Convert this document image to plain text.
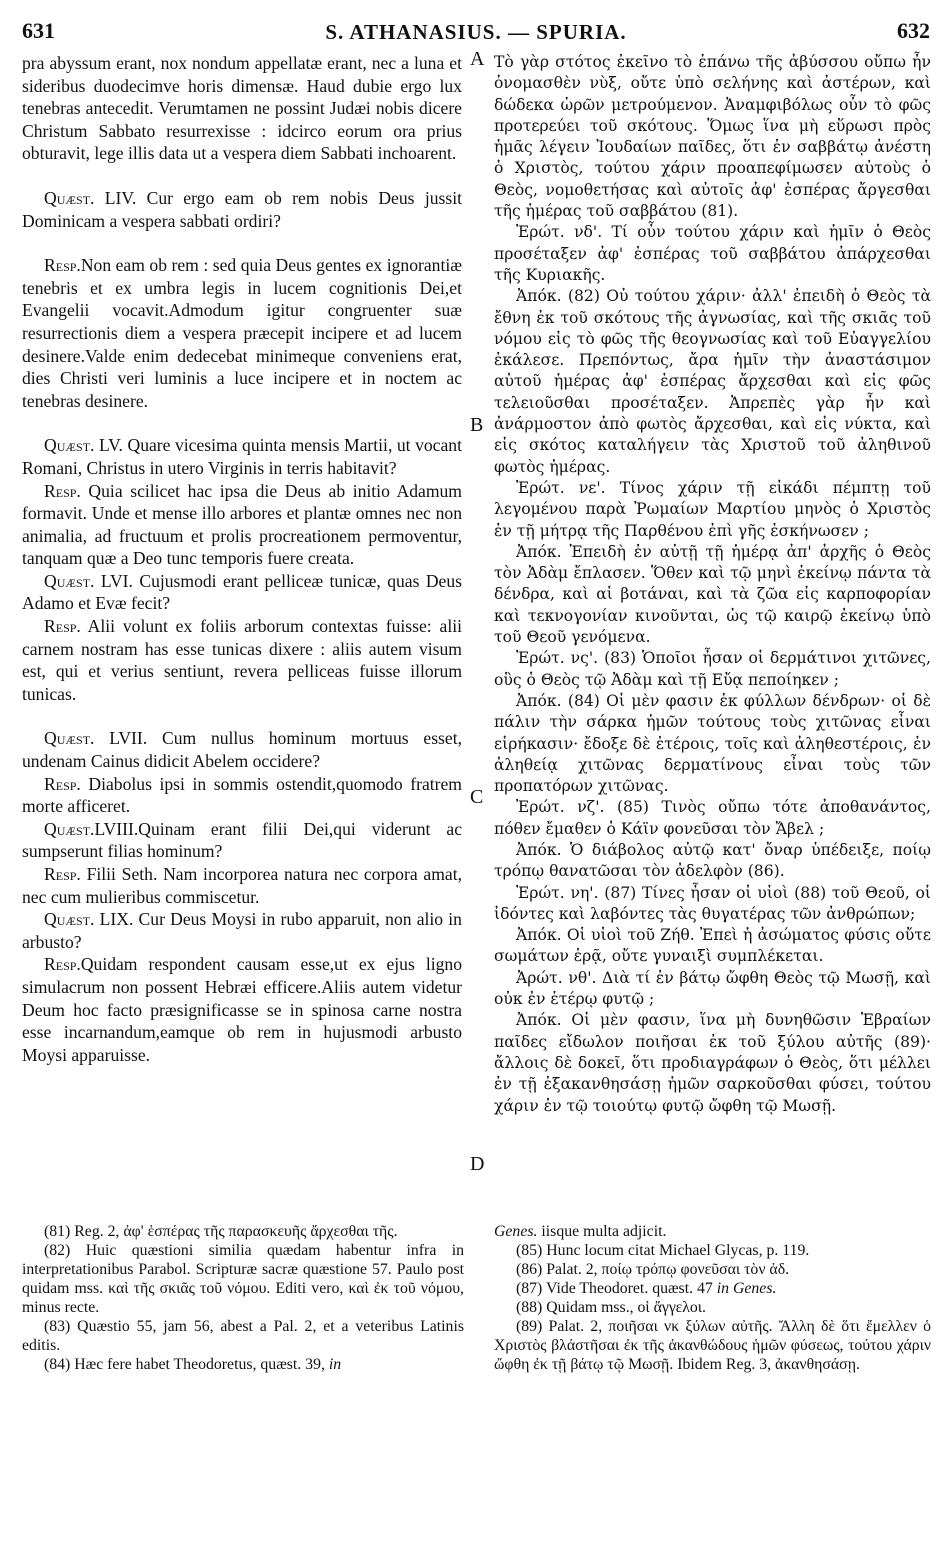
631	S. ATHANASIUS. — SPURIA.	632
A
B
C
D

pra abyssum erant, nox nondum appellatæ erant, nec a luna et sideribus duodecimve horis dimensæ. Haud dubie ergo lux tenebras antecedit. Verumtamen ne possint Judæi nobis dicere Christum Sabbato resurrexisse : idcirco eorum ora prius obturavit, lege illis data ut a vespera diem Sabbati inchoarent.

Quæst. LIV. Cur ergo eam ob rem nobis Deus jussit Dominicam a vespera sabbati ordiri?

Resp.Non eam ob rem : sed quia Deus gentes ex ignorantiæ tenebris et ex umbra legis in lucem cognitionis Dei,et Evangelii vocavit.Admodum igitur congruenter suæ resurrectionis diem a vespera præcepit incipere et ad lucem desinere.Valde enim dedecebat minimeque conveniens erat, dies Christi veri luminis a luce incipere et in noctem ac tenebras desinere.

Quæst. LV. Quare vicesima quinta mensis Martii, ut vocant Romani, Christus in utero Virginis in terris habitavit?

Resp. Quia scilicet hac ipsa die Deus ab initio Adamum formavit. Unde et mense illo arbores et plantæ omnes nec non animalia, ad fructuum et prolis procreationem permoventur, tanquam quæ a Deo tunc temporis fuere creata.

Quæst. LVI. Cujusmodi erant pelliceæ tunicæ, quas Deus Adamo et Evæ fecit?

Resp. Alii volunt ex foliis arborum contextas fuisse: alii carnem nostram has esse tunicas dixere : aliis autem visum est, qui et verius sentiunt, revera pelliceas fuisse illorum tunicas.

Quæst. LVII. Cum nullus hominum mortuus esset, undenam Cainus didicit Abelem occidere?

Resp. Diabolus ipsi in sommis ostendit,quomodo fratrem morte afficeret.

Quæst.LVIII.Quinam erant filii Dei,qui viderunt ac sumpserunt filias hominum?

Resp. Filii Seth. Nam incorporea natura nec corpora amat, nec cum mulieribus commiscetur.

Quæst. LIX. Cur Deus Moysi in rubo apparuit, non alio in arbusto?

Resp.Quidam respondent causam esse,ut ex ejus ligno simulacrum non possent Hebræi efficere.Aliis autem videtur Deum hoc facto præsignificasse se in spinosa carne nostra esse incarnandum,eamque ob rem in hujusmodi arbusto Moysi apparuisse.

Τὸ γὰρ στότος ἐκεῖνο τὸ ἐπάνω τῆς ἀβύσσου οὔπω ἦν ὀνομασθὲν νὺξ, οὔτε ὑπὸ σελήνης καὶ ἀστέρων, καὶ δώδεκα ὡρῶν μετρούμενον. Ἀναμφιβόλως οὖν τὸ φῶς προτερεύει τοῦ σκότους. Ὅμως ἵνα μὴ εὕρωσι πρὸς ἡμᾶς λέγειν Ἰουδαίων παῖδες, ὅτι ἐν σαββάτῳ ἀνέστη ὁ Χριστὸς, τούτου χάριν προαπεφίμωσεν αὐτοὺς ὁ Θεὸς, νομοθετήσας καὶ αὐτοῖς ἀφ' ἑσπέρας ἄργεσθαι τῆς ἡμέρας τοῦ σαββάτου (81).

Ἐρώτ. νδ'. Τί οὖν τούτου χάριν καὶ ἡμῖν ὁ Θεὸς προσέταξεν ἀφ' ἑσπέρας τοῦ σαββάτου ἀπάρχεσθαι τῆς Κυριακῆς.

Ἀπόκ. (82) Οὐ τούτου χάριν· ἀλλ' ἐπειδὴ ὁ Θεὸς τὰ ἔθνη ἐκ τοῦ σκότους τῆς ἀγνωσίας, καὶ τῆς σκιᾶς τοῦ νόμου εἰς τὸ φῶς τῆς θεογνωσίας καὶ τοῦ Εὐαγγελίου ἐκάλεσε. Πρεπόντως, ἄρα ἡμῖν τὴν ἀναστάσιμον αὐτοῦ ἡμέρας ἀφ' ἑσπέρας ἄρχεσθαι καὶ εἰς φῶς τελειοῦσθαι προσέταξεν. Ἀπρεπὲς γὰρ ἦν καὶ ἀνάρμοστον ἀπὸ φωτὸς ἄρχεσθαι, καὶ εἰς νύκτα, καὶ εἰς σκότος καταλήγειν τὰς Χριστοῦ τοῦ ἀληθινοῦ φωτὸς ἡμέρας.

Ἐρώτ. νε'. Τίνος χάριν τῇ εἰκάδι πέμπτῃ τοῦ λεγομένου παρὰ Ῥωμαίων Μαρτίου μηνὸς ὁ Χριστὸς ἐν τῇ μήτρᾳ τῆς Παρθένου ἐπὶ γῆς ἐσκήνωσεν ;

Ἀπόκ. Ἐπειδὴ ἐν αὐτῇ τῇ ἡμέρᾳ ἀπ' ἀρχῆς ὁ Θεὸς τὸν Ἀδὰμ ἔπλασεν. Ὅθεν καὶ τῷ μηνὶ ἐκείνῳ πάντα τὰ δένδρα, καὶ αἱ βοτάναι, καὶ τὰ ζῶα εἰς καρποφορίαν καὶ τεκνογονίαν κινοῦνται, ὡς τῷ καιρῷ ἐκείνῳ ὑπὸ τοῦ Θεοῦ γενόμενα.

Ἐρώτ. νς'. (83) Ὁποῖοι ἦσαν οἱ δερμάτινοι χιτῶνες, οὓς ὁ Θεὸς τῷ Ἀδὰμ καὶ τῇ Εὔᾳ πεποίηκεν ;

Ἀπόκ. (84) Οἱ μὲν φασιν ἐκ φύλλων δένδρων· οἱ δὲ πάλιν τὴν σάρκα ἡμῶν τούτους τοὺς χιτῶνας εἶναι εἰρήκασιν· ἔδοξε δὲ ἑτέροις, τοῖς καὶ ἀληθεστέροις, ἐν ἀληθείᾳ χιτῶνας δερματίνους εἶναι τοὺς τῶν προπατόρων χιτῶνας.

Ἐρώτ. νζ'. (85) Τινὸς οὔπω τότε ἀποθανάντος, πόθεν ἔμαθεν ὁ Κάϊν φονεῦσαι τὸν Ἄβελ ;

Ἀπόκ. Ὁ διάβολος αὐτῷ κατ' ὄναρ ὑπέδειξε, ποίῳ τρόπῳ θανατῶσαι τὸν ἀδελφὸν (86).

Ἐρώτ. νη'. (87) Τίνες ἦσαν οἱ υἱοὶ (88) τοῦ Θεοῦ, οἱ ἰδόντες καὶ λαβόντες τὰς θυγατέρας τῶν ἀνθρώπων;

Ἀπόκ. Οἱ υἱοὶ τοῦ Ζήθ. Ἐπεὶ ἡ ἀσώματος φύσις οὔτε σωμάτων ἐρᾷ, οὔτε γυναιξὶ συμπλέκεται.

Ἀρώτ. νθ'. Διὰ τί ἐν βάτῳ ὤφθη Θεὸς τῷ Μωσῇ, καὶ οὐκ ἐν ἑτέρῳ φυτῷ ;

Ἀπόκ. Οἱ μὲν φασιν, ἵνα μὴ δυνηθῶσιν Ἑβραίων παῖδες εἴδωλον ποιῆσαι ἐκ τοῦ ξύλου αὐτῆς (89)· ἄλλοις δὲ δοκεῖ, ὅτι προδιαγράφων ὁ Θεὸς, ὅτι μέλλει ἐν τῇ ἐξακανθησάσῃ ἡμῶν σαρκοῦσθαι φύσει, τούτου χάριν ἐν τῷ τοιούτῳ φυτῷ ὤφθη τῷ Μωσῇ.

(81) Reg. 2, ἀφ' ἑσπέρας τῆς παρασκευῆς ἄρχεσθαι τῆς.

(82) Huic quæstioni similia quædam habentur infra in interpretationibus Parabol. Scripturæ sacræ quæstione 57. Paulo post quidam mss. καὶ τῆς σκιᾶς τοῦ νόμου. Editi vero, καὶ ἐκ τοῦ νόμου, minus recte.

(83) Quæstio 55, jam 56, abest a Pal. 2, et a veteribus Latinis editis.

(84) Hæc fere habet Theodoretus, quæst. 39, in

Genes. iisque multa adjicit.

(85) Hunc locum citat Michael Glycas, p. 119.

(86) Palat. 2, ποίῳ τρόπῳ φονεῦσαι τὸν ἀδ.

(87) Vide Theodoret. quæst. 47 in Genes.

(88) Quidam mss., οἱ ἄγγελοι.

(89) Palat. 2, ποιῆσαι νκ ξύλων αὐτῆς. Ἄλλη δὲ ὅτι ἔμελλεν ὁ Χριστὸς βλάστῆσαι ἐκ τῆς ἀκανθώδους ἡμῶν φύσεως, τούτου χάριν ὤφθη ἐκ τῇ βάτῳ τῷ Μωσῇ. Ibidem Reg. 3, ἀκανθησάσῃ.
